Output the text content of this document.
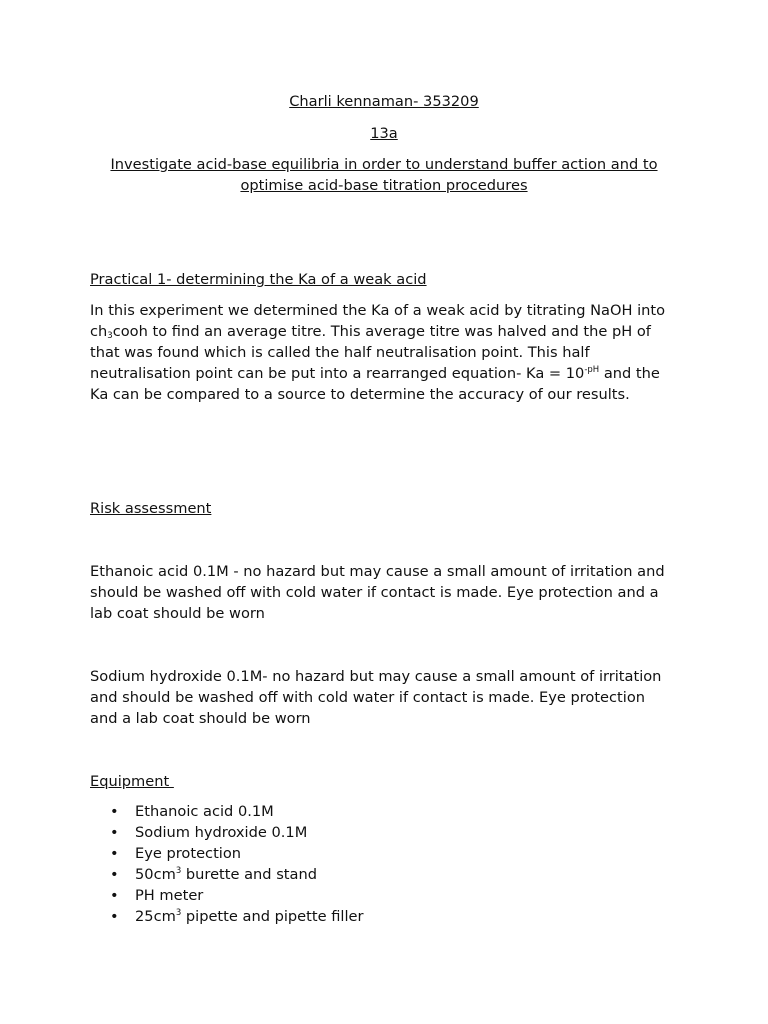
Charli kennaman- 353209
13a
Investigate acid-base equilibria in order to understand buffer action and to optimise acid-base titration procedures
Practical 1- determining the Ka of a weak acid

In this experiment we determined the Ka of a weak acid by titrating NaOH into $ch_3cooh$ to find an average titre. This average titre was halved and the pH of that was found which is called the half neutralisation point. This half neutralisation point can be put into a rearranged equation- $Ka = 10^{-pH}$ and the Ka can be compared to a source to determine the accuracy of our results.

Risk assessment

Ethanoic acid 0.1M - no hazard but may cause a small amount of irritation and should be washed off with cold water if contact is made. Eye protection and a lab coat should be worn

Sodium hydroxide 0.1M- no hazard but may cause a small amount of irritation and should be washed off with cold water if contact is made. Eye protection and a lab coat should be worn

Equipment
• Ethanoic acid 0.1M
• Sodium hydroxide 0.1M
• Eye protection
• $50cm^3$ burette and stand
• PH meter
• $25cm^3$ pipette and pipette filler
